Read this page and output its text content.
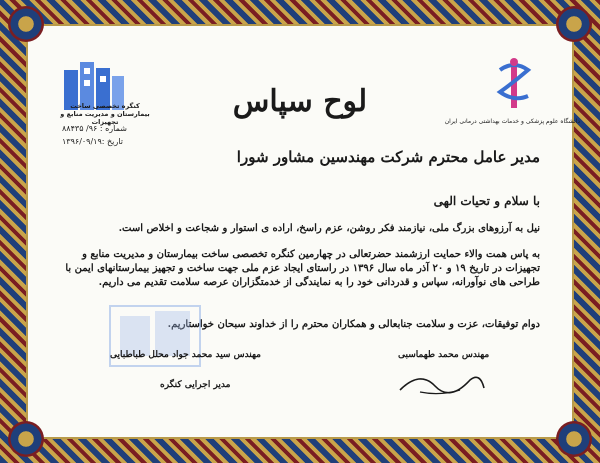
کنگره تخصصی ساخت بیمارستان و مدیریت منابع و تجهیزات
شماره : ۹۶/ ۸۸۴۳۵
تاریخ :۱۳۹۶/۰۹/۱۹
دانشگاه علوم پزشکی و خدمات بهداشتی درمانی ایران
لوح سپاس
مدیر عامل محترم شرکت مهندسین مشاور شورا
با سلام و تحیات الهی
نیل به آرزوهای بزرگ ملی، نیازمند فکر روشن، عزم راسخ، اراده ی استوار و شجاعت و اخلاص است.
به پاس همت والاء حمایت ارزشمند حضرتعالی در چهارمین کنگره تخصصی ساخت بیمارستان و مدیریت منابع و تجهیزات در تاریخ ۱۹ و ۲۰ آذر ماه سال ۱۳۹۶ در راستای ایجاد عزم ملی جهت ساخت و تجهیز بیمارستانهای ایمن با طراحی های نوآورانه، سپاس و قدردانی خود را به نمایندگی از خدمتگزاران عرصه سلامت تقدیم می داریم.
دوام توفیقات، عزت و سلامت جنابعالی و همکاران محترم را از خداوند سبحان خواستاریم.
مهندس سید محمد جواد محلل طباطبایی
مدیر اجرایی کنگره
مهندس محمد طهماسبی
